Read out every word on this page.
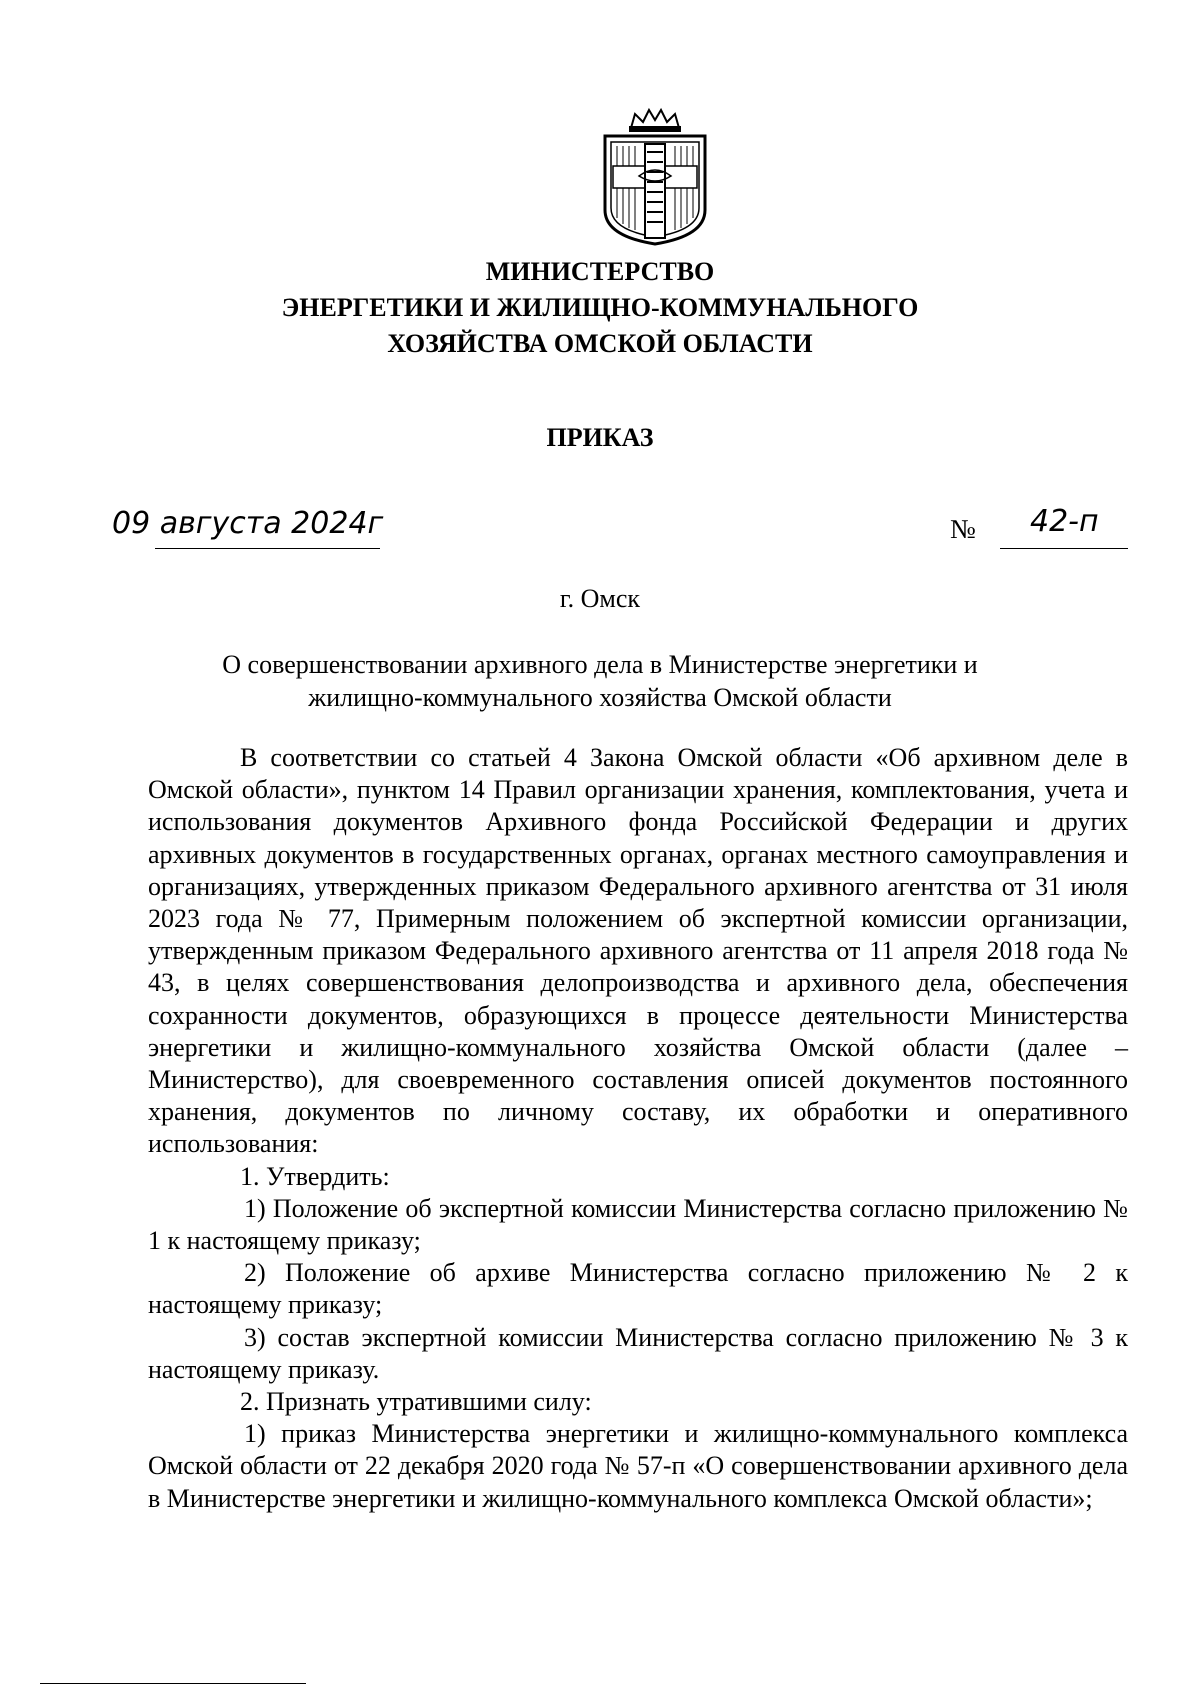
МИНИСТЕРСТВО
ЭНЕРГЕТИКИ И ЖИЛИЩНО-КОММУНАЛЬНОГО
ХОЗЯЙСТВА ОМСКОЙ ОБЛАСТИ
ПРИКАЗ
09 августа 2024г	№ 42-п
г. Омск
О совершенствовании архивного дела в Министерстве энергетики и
жилищно-коммунального хозяйства Омской области

В соответствии со статьей 4 Закона Омской области «Об архивном деле в Омской области», пунктом 14 Правил организации хранения, комплектования, учета и использования документов Архивного фонда Российской Федерации и других архивных документов в государственных органах, органах местного самоуправления и организациях, утвержденных приказом Федерального архивного агентства от 31 июля 2023 года № 77, Примерным положением об экспертной комиссии организации, утвержденным приказом Федерального архивного агентства от 11 апреля 2018 года № 43, в целях совершенствования делопроизводства и архивного дела, обеспечения сохранности документов, образующихся в процессе деятельности Министерства энергетики и жилищно-коммунального хозяйства Омской области (далее – Министерство), для своевременного составления описей документов постоянного хранения, документов по личному составу, их обработки и оперативного использования:

1. Утвердить:

1) Положение об экспертной комиссии Министерства согласно приложению № 1 к настоящему приказу;

2) Положение об архиве Министерства согласно приложению № 2 к настоящему приказу;

3) состав экспертной комиссии Министерства согласно приложению № 3 к настоящему приказу.

2. Признать утратившими силу:

1) приказ Министерства энергетики и жилищно-коммунального комплекса Омской области от 22 декабря 2020 года № 57-п «О совершенствовании архивного дела в Министерстве энергетики и жилищно-коммунального комплекса Омской области»;
